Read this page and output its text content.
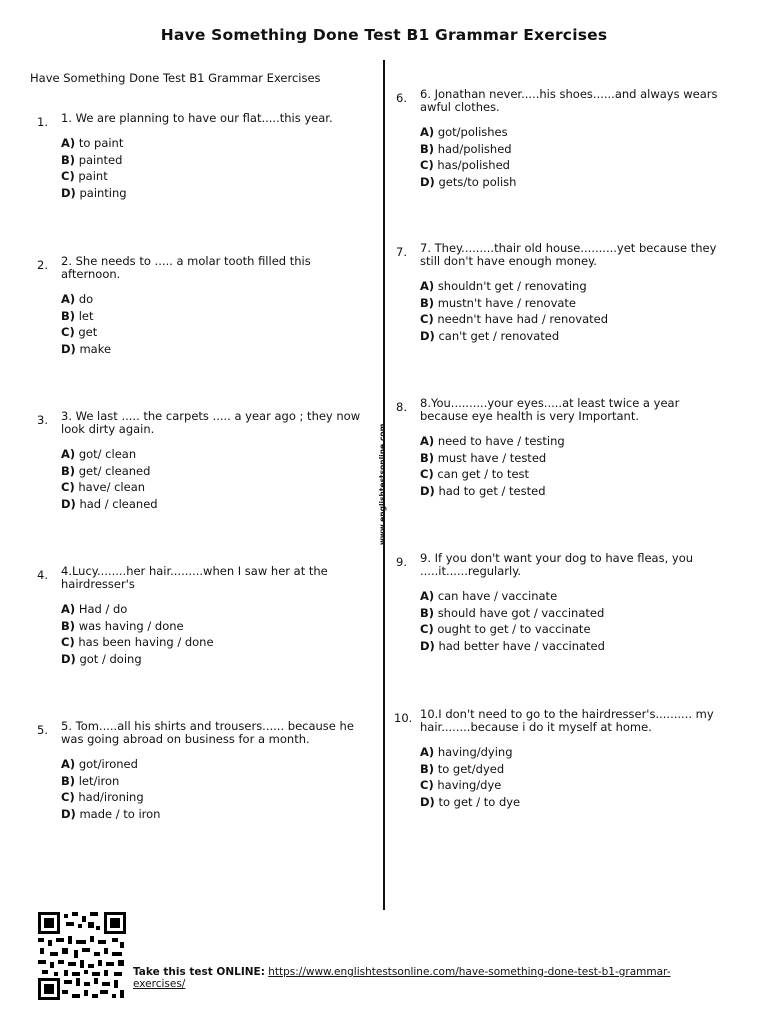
Have Something Done Test B1 Grammar Exercises
Have Something Done Test B1 Grammar Exercises
www.englishtestsonline.com
1. 1. We are planning to have our flat.....this year.

A) to paint
B) painted
C) paint
D) painting
2. 2. She needs to ..... a molar tooth filled this afternoon.

A) do
B) let
C) get
D) make
3. 3. We last ..... the carpets ..... a year ago ; they now look dirty again.

A) got/ clean
B) get/ cleaned
C) have/ clean
D) had / cleaned
4. 4.Lucy........her hair.........when I saw her at the hairdresser's

A) Had / do
B) was having / done
C) has been having / done
D) got / doing
5. 5. Tom.....all his shirts and trousers...... because he was going abroad on business for a month.

A) got/ironed
B) let/iron
C) had/ironing
D) made / to iron
6. 6. Jonathan never.....his shoes......and always wears awful clothes.

A) got/polishes
B) had/polished
C) has/polished
D) gets/to polish
7. 7. They.........thair old house..........yet because they still don't have enough money.

A) shouldn't get / renovating
B) mustn't have / renovate
C) needn't have had / renovated
D) can't get / renovated
8. 8.You..........your eyes.....at least twice a year because eye health is very Important.

A) need to have / testing
B) must have / tested
C) can get / to test
D) had to get / tested
9. 9. If you don't want your dog to have fleas, you .....it......regularly.

A) can have / vaccinate
B) should have got / vaccinated
C) ought to get / to vaccinate
D) had better have / vaccinated
10. 10.I don't need to go to the hairdresser's.......... my hair........because i do it myself at home.

A) having/dying
B) to get/dyed
C) having/dye
D) to get / to dye
Take this test ONLINE: https://www.englishtestsonline.com/have-something-done-test-b1-grammar-
exercises/
